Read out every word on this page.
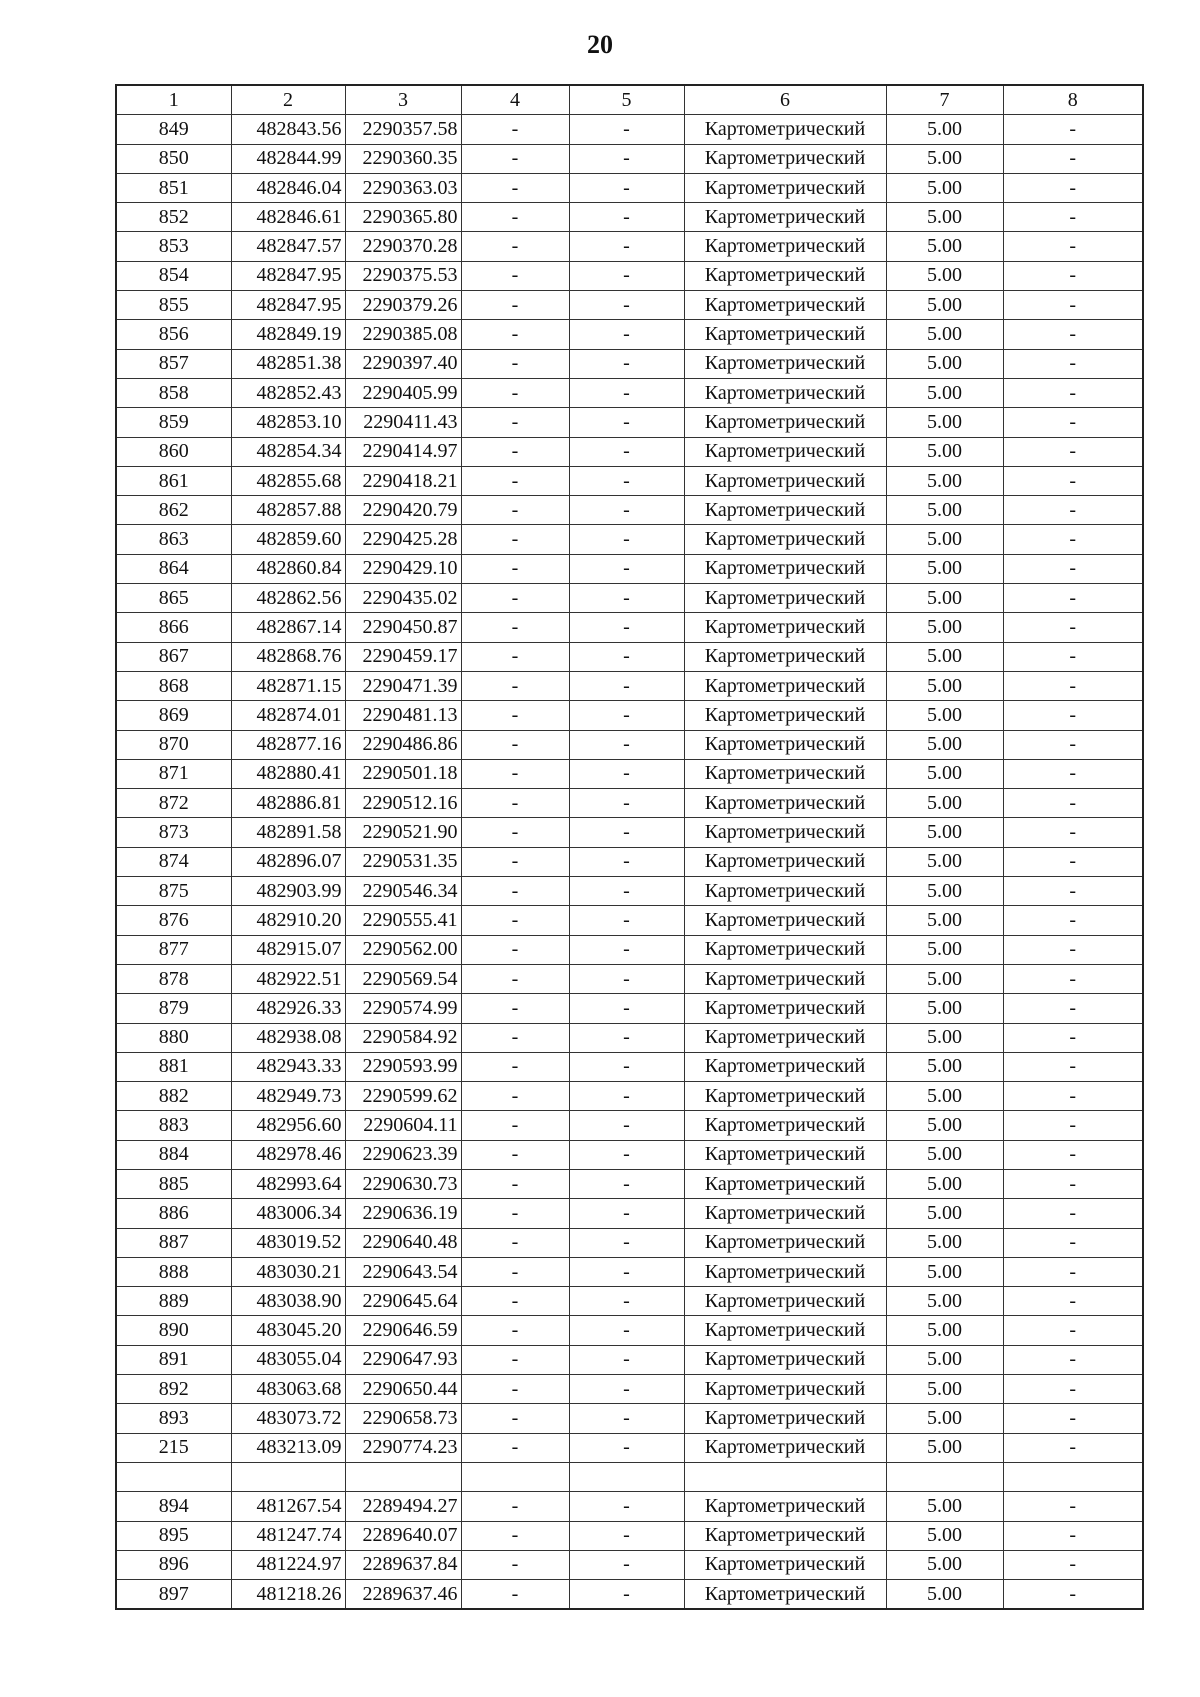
20
1	2	3	4	5	6	7	8
849	482843.56	2290357.58	-	-	Картометрический	5.00	-
850	482844.99	2290360.35	-	-	Картометрический	5.00	-
851	482846.04	2290363.03	-	-	Картометрический	5.00	-
852	482846.61	2290365.80	-	-	Картометрический	5.00	-
853	482847.57	2290370.28	-	-	Картометрический	5.00	-
854	482847.95	2290375.53	-	-	Картометрический	5.00	-
855	482847.95	2290379.26	-	-	Картометрический	5.00	-
856	482849.19	2290385.08	-	-	Картометрический	5.00	-
857	482851.38	2290397.40	-	-	Картометрический	5.00	-
858	482852.43	2290405.99	-	-	Картометрический	5.00	-
859	482853.10	2290411.43	-	-	Картометрический	5.00	-
860	482854.34	2290414.97	-	-	Картометрический	5.00	-
861	482855.68	2290418.21	-	-	Картометрический	5.00	-
862	482857.88	2290420.79	-	-	Картометрический	5.00	-
863	482859.60	2290425.28	-	-	Картометрический	5.00	-
864	482860.84	2290429.10	-	-	Картометрический	5.00	-
865	482862.56	2290435.02	-	-	Картометрический	5.00	-
866	482867.14	2290450.87	-	-	Картометрический	5.00	-
867	482868.76	2290459.17	-	-	Картометрический	5.00	-
868	482871.15	2290471.39	-	-	Картометрический	5.00	-
869	482874.01	2290481.13	-	-	Картометрический	5.00	-
870	482877.16	2290486.86	-	-	Картометрический	5.00	-
871	482880.41	2290501.18	-	-	Картометрический	5.00	-
872	482886.81	2290512.16	-	-	Картометрический	5.00	-
873	482891.58	2290521.90	-	-	Картометрический	5.00	-
874	482896.07	2290531.35	-	-	Картометрический	5.00	-
875	482903.99	2290546.34	-	-	Картометрический	5.00	-
876	482910.20	2290555.41	-	-	Картометрический	5.00	-
877	482915.07	2290562.00	-	-	Картометрический	5.00	-
878	482922.51	2290569.54	-	-	Картометрический	5.00	-
879	482926.33	2290574.99	-	-	Картометрический	5.00	-
880	482938.08	2290584.92	-	-	Картометрический	5.00	-
881	482943.33	2290593.99	-	-	Картометрический	5.00	-
882	482949.73	2290599.62	-	-	Картометрический	5.00	-
883	482956.60	2290604.11	-	-	Картометрический	5.00	-
884	482978.46	2290623.39	-	-	Картометрический	5.00	-
885	482993.64	2290630.73	-	-	Картометрический	5.00	-
886	483006.34	2290636.19	-	-	Картометрический	5.00	-
887	483019.52	2290640.48	-	-	Картометрический	5.00	-
888	483030.21	2290643.54	-	-	Картометрический	5.00	-
889	483038.90	2290645.64	-	-	Картометрический	5.00	-
890	483045.20	2290646.59	-	-	Картометрический	5.00	-
891	483055.04	2290647.93	-	-	Картометрический	5.00	-
892	483063.68	2290650.44	-	-	Картометрический	5.00	-
893	483073.72	2290658.73	-	-	Картометрический	5.00	-
215	483213.09	2290774.23	-	-	Картометрический	5.00	-

894	481267.54	2289494.27	-	-	Картометрический	5.00	-
895	481247.74	2289640.07	-	-	Картометрический	5.00	-
896	481224.97	2289637.84	-	-	Картометрический	5.00	-
897	481218.26	2289637.46	-	-	Картометрический	5.00	-
